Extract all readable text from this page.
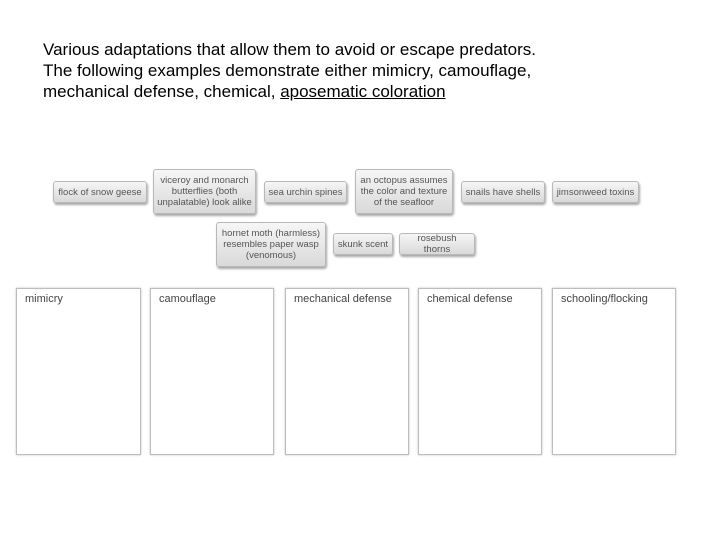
Various adaptations that allow them to avoid or escape predators.
The following examples demonstrate either mimicry, camouflage,
mechanical defense, chemical, aposematic coloration
flock of snow geese
viceroy and monarch butterflies (both unpalatable) look alike
sea urchin spines
an octopus assumes the color and texture of the seafloor
snails have shells	jimsonweed toxins
hornet moth (harmless) resembles paper wasp (venomous)
skunk scent	rosebush thorns
mimicry	camouflage	mechanical defense	chemical defense	schooling/flocking
